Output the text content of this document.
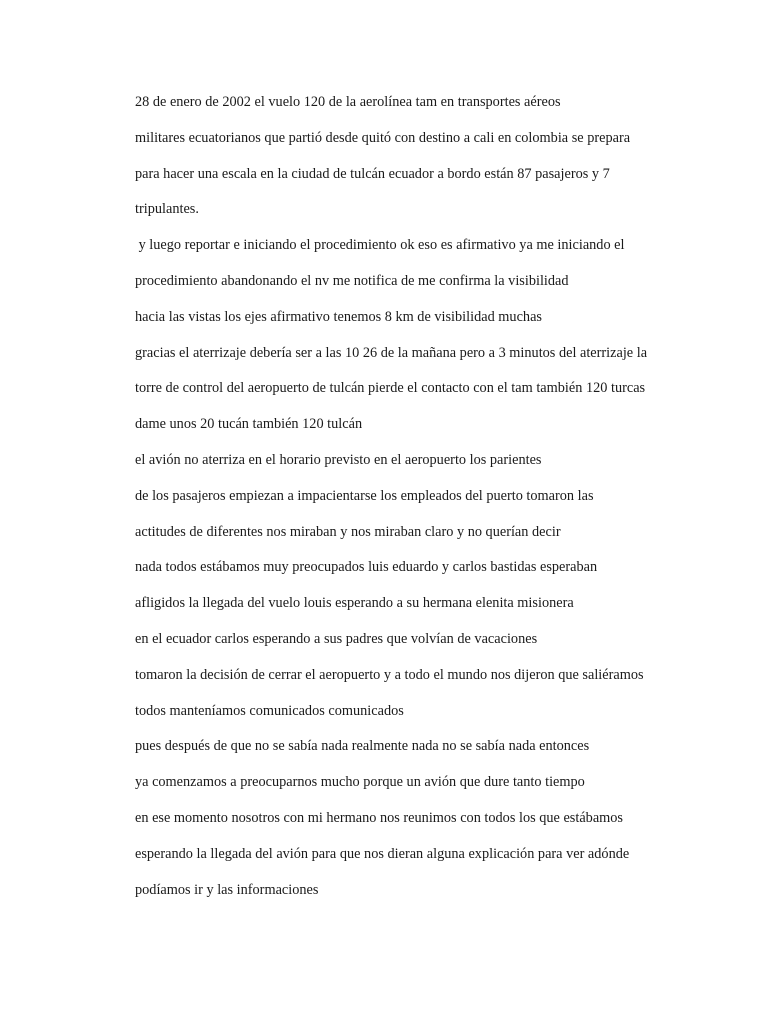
28 de enero de 2002 el vuelo 120 de la aerolínea tam en transportes aéreos
militares ecuatorianos que partió desde quitó con destino a cali en colombia se prepara
para hacer una escala en la ciudad de tulcán ecuador a bordo están 87 pasajeros y 7
tripulantes.
y luego reportar e iniciando el procedimiento ok eso es afirmativo ya me iniciando el
procedimiento abandonando el nv me notifica de me confirma la visibilidad
hacia las vistas los ejes afirmativo tenemos 8 km de visibilidad muchas
gracias el aterrizaje debería ser a las 10 26 de la mañana pero a 3 minutos del aterrizaje la
torre de control del aeropuerto de tulcán pierde el contacto con el tam también 120 turcas
dame unos 20 tucán también 120 tulcán
el avión no aterriza en el horario previsto en el aeropuerto los parientes
de los pasajeros empiezan a impacientarse los empleados del puerto tomaron las
actitudes de diferentes nos miraban y nos miraban claro y no querían decir
nada todos estábamos muy preocupados luis eduardo y carlos bastidas esperaban
afligidos la llegada del vuelo louis esperando a su hermana elenita misionera
en el ecuador carlos esperando a sus padres que volvían de vacaciones
tomaron la decisión de cerrar el aeropuerto y a todo el mundo nos dijeron que saliéramos
todos manteníamos comunicados comunicados
pues después de que no se sabía nada realmente nada no se sabía nada entonces
ya comenzamos a preocuparnos mucho porque un avión que dure tanto tiempo
en ese momento nosotros con mi hermano nos reunimos con todos los que estábamos
esperando la llegada del avión para que nos dieran alguna explicación para ver adónde
podíamos ir y las informaciones
